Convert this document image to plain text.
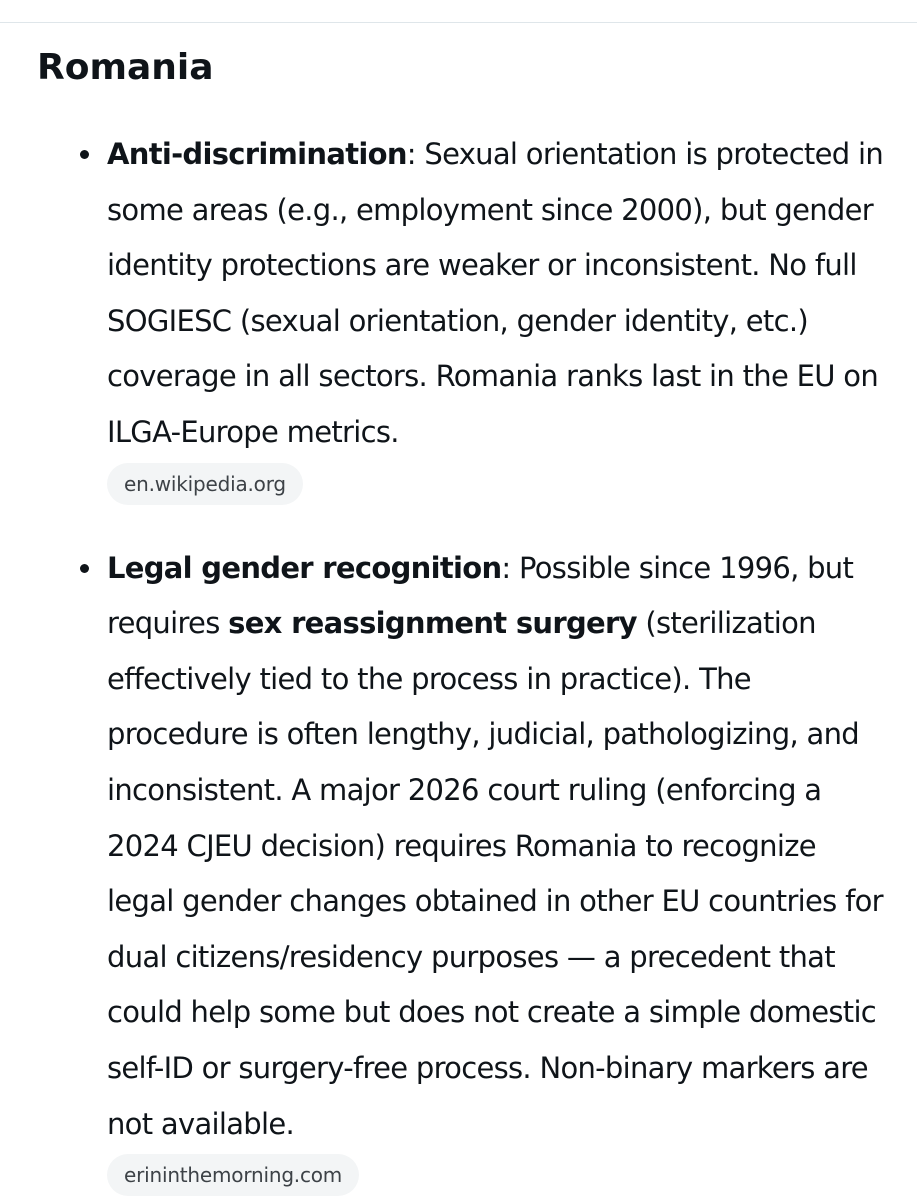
Romania
Anti-discrimination: Sexual orientation is protected in some areas (e.g., employment since 2000), but gender identity protections are weaker or inconsistent. No full SOGIESC (sexual orientation, gender identity, etc.) coverage in all sectors. Romania ranks last in the EU on ILGA-Europe metrics.
en.wikipedia.org
Legal gender recognition: Possible since 1996, but requires sex reassignment surgery (sterilization effectively tied to the process in practice). The procedure is often lengthy, judicial, pathologizing, and inconsistent. A major 2026 court ruling (enforcing a 2024 CJEU decision) requires Romania to recognize legal gender changes obtained in other EU countries for dual citizens/residency purposes — a precedent that could help some but does not create a simple domestic self-ID or surgery-free process. Non-binary markers are not available.
erininthemorning.com
